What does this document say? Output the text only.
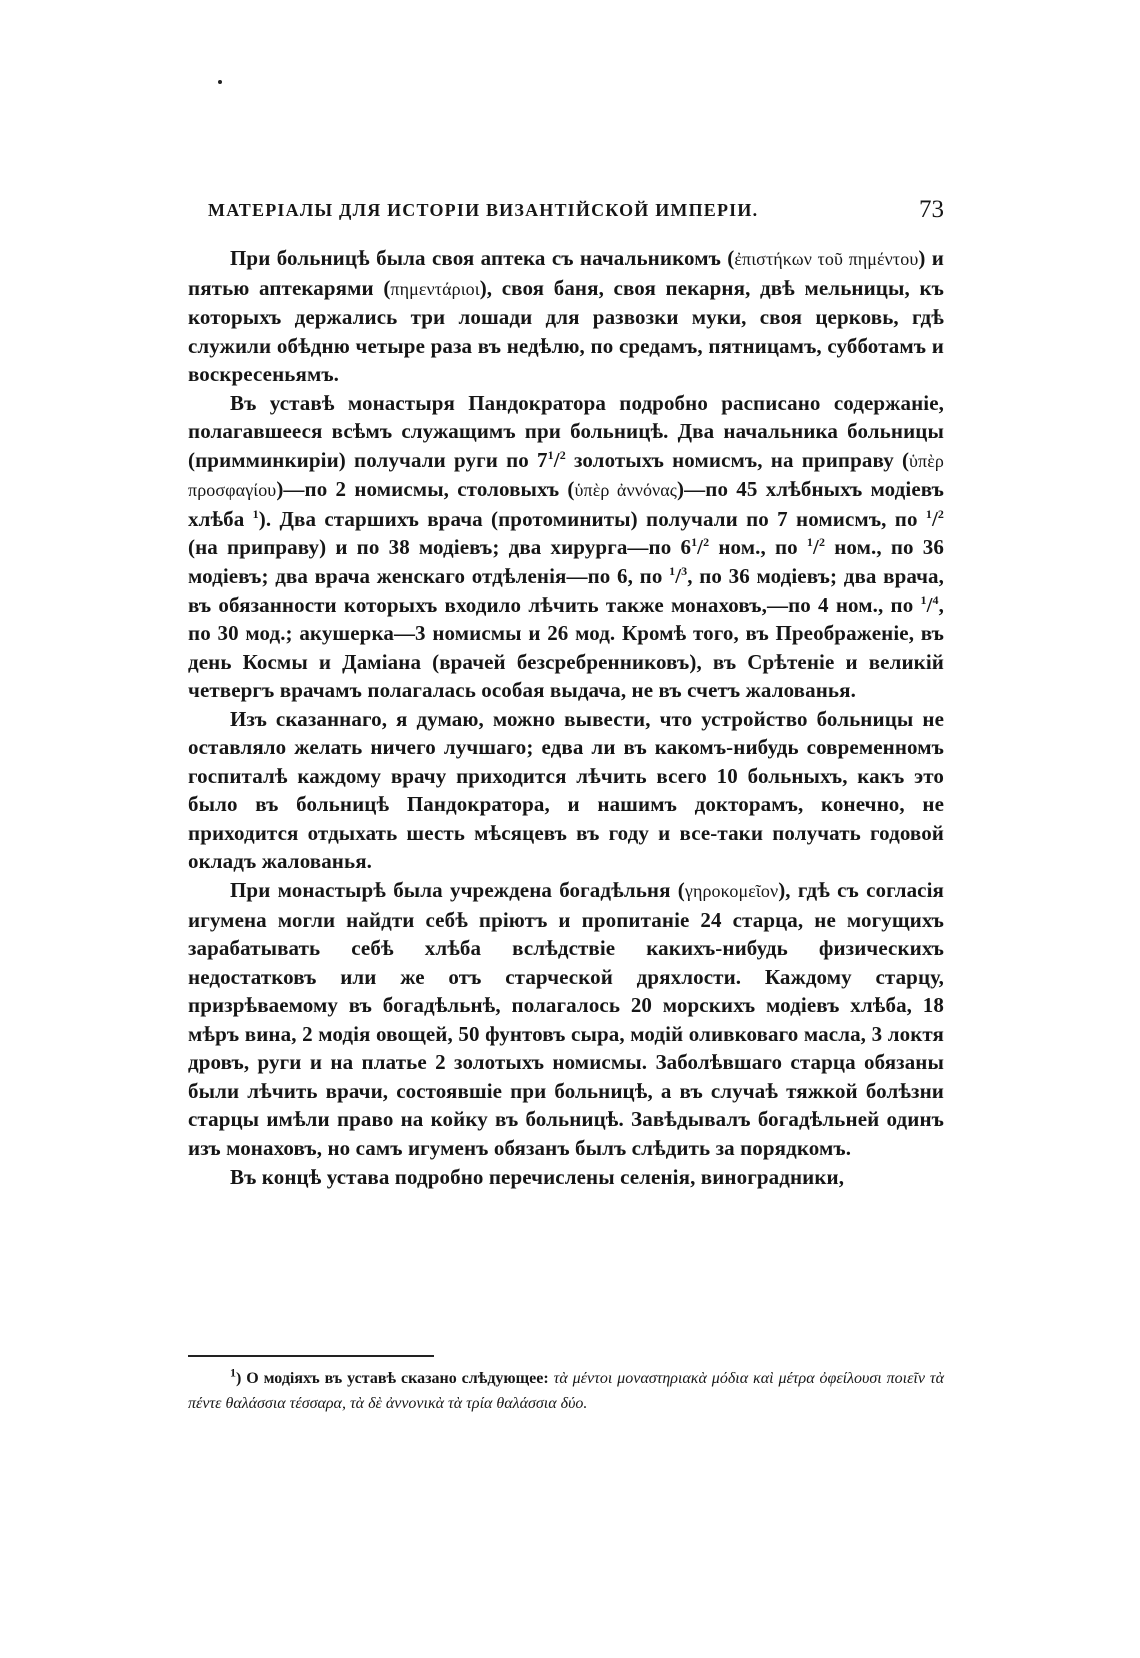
МАТЕРІАЛЫ ДЛЯ ИСТОРІИ ВИЗАНТІЙСКОЙ ИМПЕРІИ.	73

При больницѣ была своя аптека съ начальникомъ (ἐπιστήκων τοῦ πημέντου) и пятью аптекарями (πημεντάριοι), своя баня, своя пекарня, двѣ мельницы, къ которыхъ держались три лошади для развозки муки, своя церковь, гдѣ служили обѣдню четыре раза въ недѣлю, по средамъ, пятницамъ, субботамъ и воскресеньямъ.

Въ уставѣ монастыря Пандократора подробно расписано содержаніе, полагавшееся всѣмъ служащимъ при больницѣ. Два начальника больницы (примминкиріи) получали руги по $7^1/^2$ золотыхъ номисмъ, на приправу (ὑπὲρ προσφαγίου)—по 2 номисмы, столовыхъ (ὑπὲρ ἀννόνας)—по 45 хлѣбныхъ модіевъ хлѣба $^1$). Два старшихъ врача (протоминиты) получали по 7 номисмъ, по $^1$/$^2$ (на приправу) и по 38 модіевъ; два хирурга—по $6^1/^2$ ном., по $^1$/$^2$ ном., по 36 модіевъ; два врача женскаго отдѣленія—по 6, по $^1$/$^3$, по 36 модіевъ; два врача, въ обязанности которыхъ входило лѣчить также монаховъ,—по 4 ном., по $^1$/$^4$, по 30 мод.; акушерка—3 номисмы и 26 мод. Кромѣ того, въ Преображеніе, въ день Космы и Даміана (врачей безсребренниковъ), въ Срѣтеніе и великій четвергъ врачамъ полагалась особая выдача, не въ счетъ жалованья.

Изъ сказаннаго, я думаю, можно вывести, что устройство больницы не оставляло желать ничего лучшаго; едва ли въ какомъ-нибудь современномъ госпиталѣ каждому врачу приходится лѣчить всего 10 больныхъ, какъ это было въ больницѣ Пандократора, и нашимъ докторамъ, конечно, не приходится отдыхать шесть мѣсяцевъ въ году и все-таки получать годовой окладъ жалованья.

При монастырѣ была учреждена богадѣльня (γηροκομεῖον), гдѣ съ согласія игумена могли найдти себѣ пріютъ и пропитаніе 24 старца, не могущихъ зарабатывать себѣ хлѣба вслѣдствіе какихъ-нибудь физическихъ недостатковъ или же отъ старческой дряхлости. Каждому старцу, призрѣваемому въ богадѣльнѣ, полагалось 20 морскихъ модіевъ хлѣба, 18 мѣръ вина, 2 модія овощей, 50 фунтовъ сыра, модій оливковаго масла, 3 локтя дровъ, руги и на платье 2 золотыхъ номисмы. Заболѣвшаго старца обязаны были лѣчить врачи, состоявшіе при больницѣ, а въ случаѣ тяжкой болѣзни старцы имѣли право на койку въ больницѣ. Завѣдывалъ богадѣльней одинъ изъ монаховъ, но самъ игуменъ обязанъ былъ слѣдить за порядкомъ.

Въ концѣ устава подробно перечислены селенія, виноградники,

$^1$) О модіяхъ въ уставѣ сказано слѣдующее: τὰ μέντοι μοναστηριακὰ μόδια καὶ μέτρα ὀφείλουσι ποιεῖν τὰ πέντε θαλάσσια τέσσαρα, τὰ δὲ ἀννονικὰ τὰ τρία θαλάσσια δύο.
